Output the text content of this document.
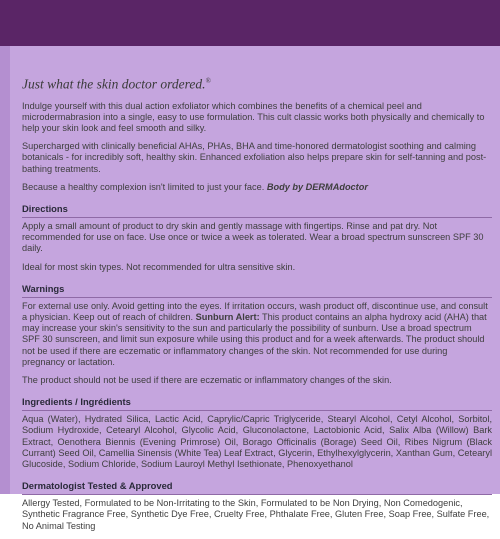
Just what the skin doctor ordered.®

Indulge yourself with this dual action exfoliator which combines the benefits of a chemical peel and microdermabrasion into a single, easy to use formulation. This cult classic works both physically and chemically to help your skin look and feel smooth and silky.

Supercharged with clinically beneficial AHAs, PHAs, BHA and time-honored dermatologist soothing and calming botanicals - for incredibly soft, healthy skin. Enhanced exfoliation also helps prepare skin for self-tanning and post-bathing treatments.

Because a healthy complexion isn't limited to just your face. Body by DERMAdoctor

Directions

Apply a small amount of product to dry skin and gently massage with fingertips. Rinse and pat dry. Not recommended for use on face. Use once or twice a week as tolerated. Wear a broad spectrum sunscreen SPF 30 daily.

Ideal for most skin types. Not recommended for ultra sensitive skin.

Warnings

For external use only. Avoid getting into the eyes. If irritation occurs, wash product off, discontinue use, and consult a physician. Keep out of reach of children. Sunburn Alert: This product contains an alpha hydroxy acid (AHA) that may increase your skin's sensitivity to the sun and particularly the possibility of sunburn. Use a broad spectrum SPF 30 sunscreen, and limit sun exposure while using this product and for a week afterwards. The product should not be used if there are eczematic or inflammatory changes of the skin. Not recommended for use during pregnancy or lactation.

The product should not be used if there are eczematic or inflammatory changes of the skin.

Ingredients / Ingrédients

Aqua (Water), Hydrated Silica, Lactic Acid, Caprylic/Capric Triglyceride, Stearyl Alcohol, Cetyl Alcohol, Sorbitol, Sodium Hydroxide, Cetearyl Alcohol, Glycolic Acid, Gluconolactone, Lactobionic Acid, Salix Alba (Willow) Bark Extract, Oenothera Biennis (Evening Primrose) Oil, Borago Officinalis (Borage) Seed Oil, Ribes Nigrum (Black Currant) Seed Oil, Camellia Sinensis (White Tea) Leaf Extract, Glycerin, Ethylhexylglycerin, Xanthan Gum, Cetearyl Glucoside, Sodium Chloride, Sodium Lauroyl Methyl Isethionate, Phenoxyethanol

Dermatologist Tested & Approved

Allergy Tested, Formulated to be Non-Irritating to the Skin, Formulated to be Non Drying, Non Comedogenic, Synthetic Fragrance Free, Synthetic Dye Free, Cruelty Free, Phthalate Free, Gluten Free, Soap Free, Sulfate Free, No Animal Testing
